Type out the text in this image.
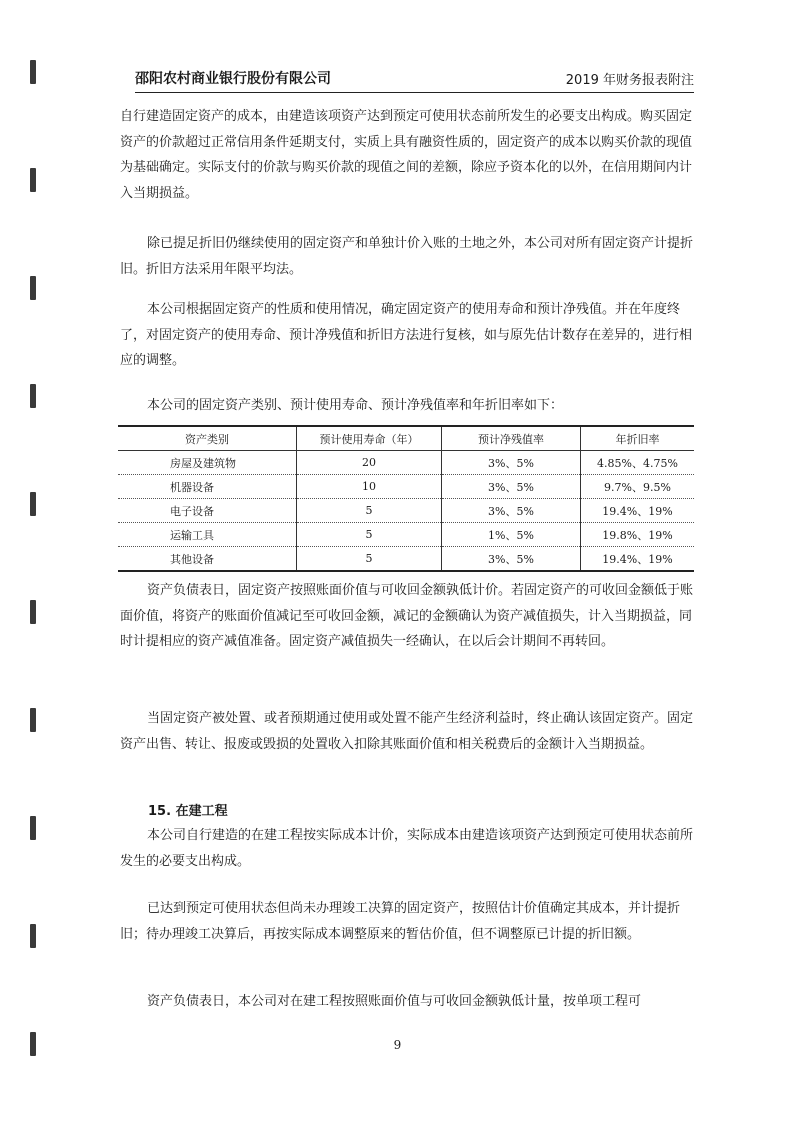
邵阳农村商业银行股份有限公司	2019 年财务报表附注

自行建造固定资产的成本，由建造该项资产达到预定可使用状态前所发生的必要支出构成。购买固定资产的价款超过正常信用条件延期支付，实质上具有融资性质的，固定资产的成本以购买价款的现值为基础确定。实际支付的价款与购买价款的现值之间的差额，除应予资本化的以外，在信用期间内计入当期损益。

除已提足折旧仍继续使用的固定资产和单独计价入账的土地之外，本公司对所有固定资产计提折旧。折旧方法采用年限平均法。

本公司根据固定资产的性质和使用情况，确定固定资产的使用寿命和预计净残值。并在年度终了，对固定资产的使用寿命、预计净残值和折旧方法进行复核，如与原先估计数存在差异的，进行相应的调整。

本公司的固定资产类别、预计使用寿命、预计净残值率和年折旧率如下：

资产类别	预计使用寿命（年）	预计净残值率	年折旧率
房屋及建筑物	20	3%、5%	4.85%、4.75%
机器设备	10	3%、5%	9.7%、9.5%
电子设备	5	3%、5%	19.4%、19%
运输工具	5	1%、5%	19.8%、19%
其他设备	5	3%、5%	19.4%、19%

资产负债表日，固定资产按照账面价值与可收回金额孰低计价。若固定资产的可收回金额低于账面价值，将资产的账面价值减记至可收回金额，减记的金额确认为资产减值损失，计入当期损益，同时计提相应的资产减值准备。固定资产减值损失一经确认，在以后会计期间不再转回。

当固定资产被处置、或者预期通过使用或处置不能产生经济利益时，终止确认该固定资产。固定资产出售、转让、报废或毁损的处置收入扣除其账面价值和相关税费后的金额计入当期损益。

15. 在建工程

本公司自行建造的在建工程按实际成本计价，实际成本由建造该项资产达到预定可使用状态前所发生的必要支出构成。

已达到预定可使用状态但尚未办理竣工决算的固定资产，按照估计价值确定其成本，并计提折旧；待办理竣工决算后，再按实际成本调整原来的暂估价值，但不调整原已计提的折旧额。

资产负债表日，本公司对在建工程按照账面价值与可收回金额孰低计量，按单项工程可

9
